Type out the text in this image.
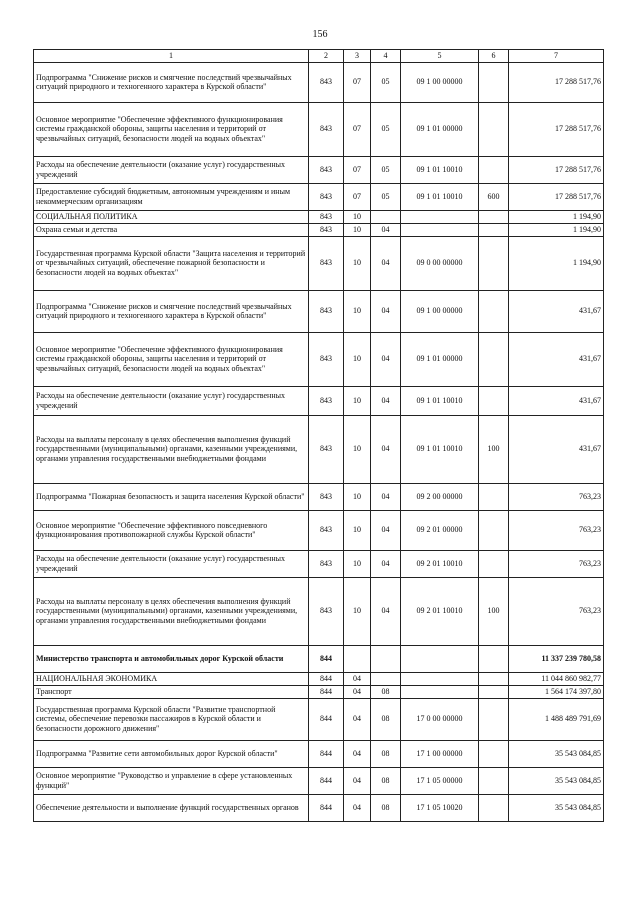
156
1	2	3	4	5	6	7
Подпрограмма "Снижение рисков и смягчение последствий чрезвычайных ситуаций природного и техногенного характера в Курской области"	843	07	05	09 1 00 00000		17 288 517,76
Основное мероприятие "Обеспечение эффективного функционирования системы гражданской обороны, защиты населения и территорий от чрезвычайных ситуаций, безопасности людей на водных объектах"	843	07	05	09 1 01 00000		17 288 517,76
Расходы на обеспечение деятельности (оказание услуг) государственных учреждений	843	07	05	09 1 01 10010		17 288 517,76
Предоставление субсидий бюджетным, автономным учреждениям и иным некоммерческим организациям	843	07	05	09 1 01 10010	600	17 288 517,76
СОЦИАЛЬНАЯ ПОЛИТИКА	843	10				1 194,90
Охрана семьи и детства	843	10	04			1 194,90
Государственная программа Курской области "Защита населения и территорий от чрезвычайных ситуаций, обеспечение пожарной безопасности и безопасности людей на водных объектах"	843	10	04	09 0 00 00000		1 194,90
Подпрограмма "Снижение рисков и смягчение последствий чрезвычайных ситуаций природного и техногенного характера в Курской области"	843	10	04	09 1 00 00000		431,67
Основное мероприятие "Обеспечение эффективного функционирования системы гражданской обороны, защиты населения и территорий от чрезвычайных ситуаций, безопасности людей на водных объектах"	843	10	04	09 1 01 00000		431,67
Расходы на обеспечение деятельности (оказание услуг) государственных учреждений	843	10	04	09 1 01 10010		431,67
Расходы на выплаты персоналу в целях обеспечения выполнения функций государственными (муниципальными) органами, казенными учреждениями, органами управления государственными внебюджетными фондами	843	10	04	09 1 01 10010	100	431,67
Подпрограмма "Пожарная безопасность и защита населения Курской области"	843	10	04	09 2 00 00000		763,23
Основное мероприятие "Обеспечение эффективного повседневного функционирования противопожарной службы Курской области"	843	10	04	09 2 01 00000		763,23
Расходы на обеспечение деятельности (оказание услуг) государственных учреждений	843	10	04	09 2 01 10010		763,23
Расходы на выплаты персоналу в целях обеспечения выполнения функций государственными (муниципальными) органами, казенными учреждениями, органами управления государственными внебюджетными фондами	843	10	04	09 2 01 10010	100	763,23
Министерство транспорта и автомобильных дорог Курской области	844					11 337 239 780,58
НАЦИОНАЛЬНАЯ ЭКОНОМИКА	844	04				11 044 860 982,77
Транспорт	844	04	08			1 564 174 397,80
Государственная программа Курской области "Развитие транспортной системы, обеспечение перевозки пассажиров в Курской области и безопасности дорожного движения"	844	04	08	17 0 00 00000		1 488 489 791,69
Подпрограмма "Развитие сети автомобильных дорог Курской области"	844	04	08	17 1 00 00000		35 543 084,85
Основное мероприятие "Руководство и управление в сфере установленных функций"	844	04	08	17 1 05 00000		35 543 084,85
Обеспечение деятельности и выполнение функций государственных органов	844	04	08	17 1 05 10020		35 543 084,85
